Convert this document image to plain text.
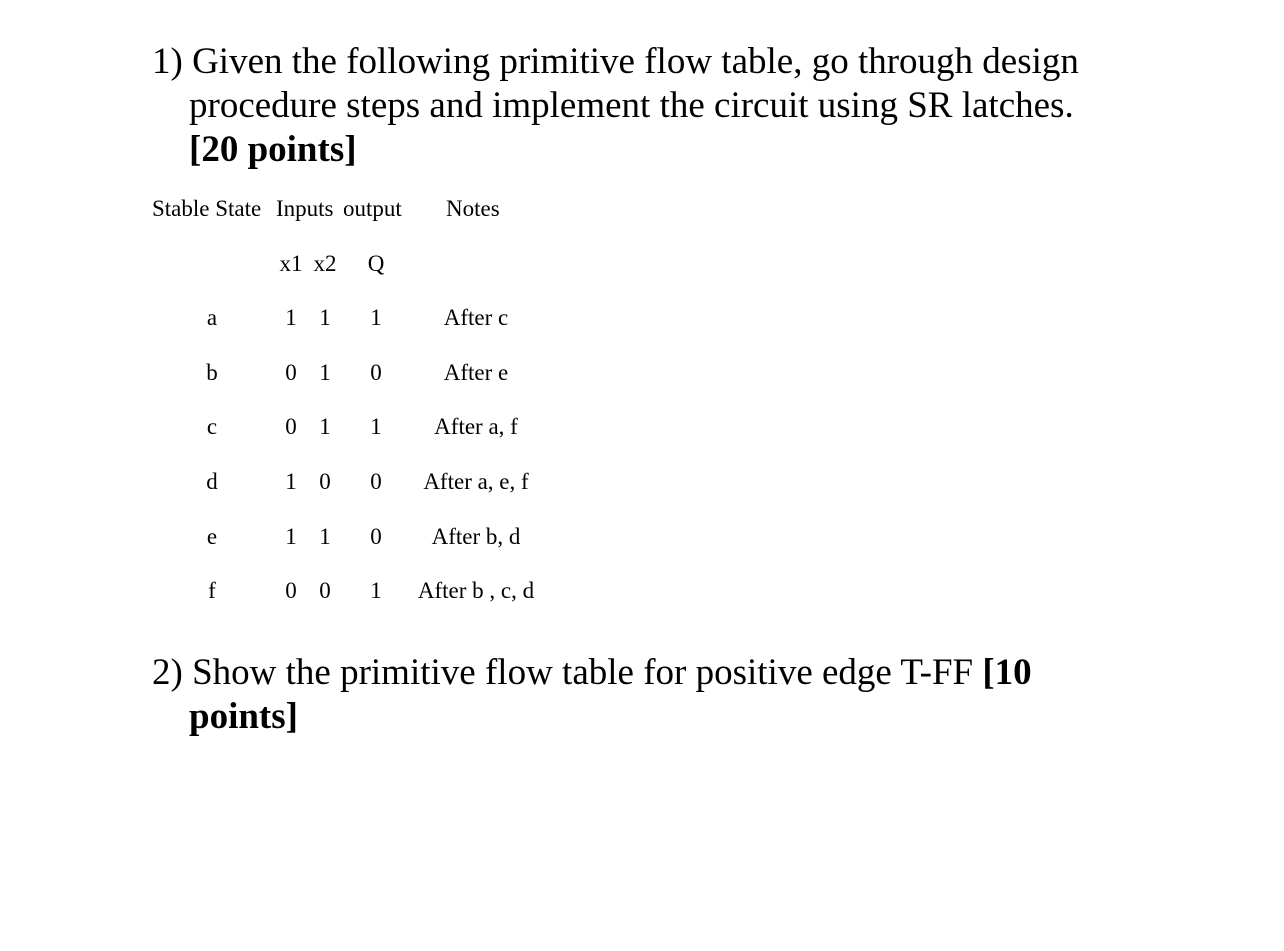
1) Given the following primitive flow table, go through design
procedure steps and implement the circuit using SR latches.
[20 points]
Stable State Inputs output Notes
x1 x2 Q
a	1 1 1	After c
b	0 1 0	After e
c	0 1 1 After a, f
d	1 0 0 After a, e, f
e	1 1 0 After b, d
f	0 0 1 After b , c, d
2) Show the primitive flow table for positive edge T-FF [10
points]
